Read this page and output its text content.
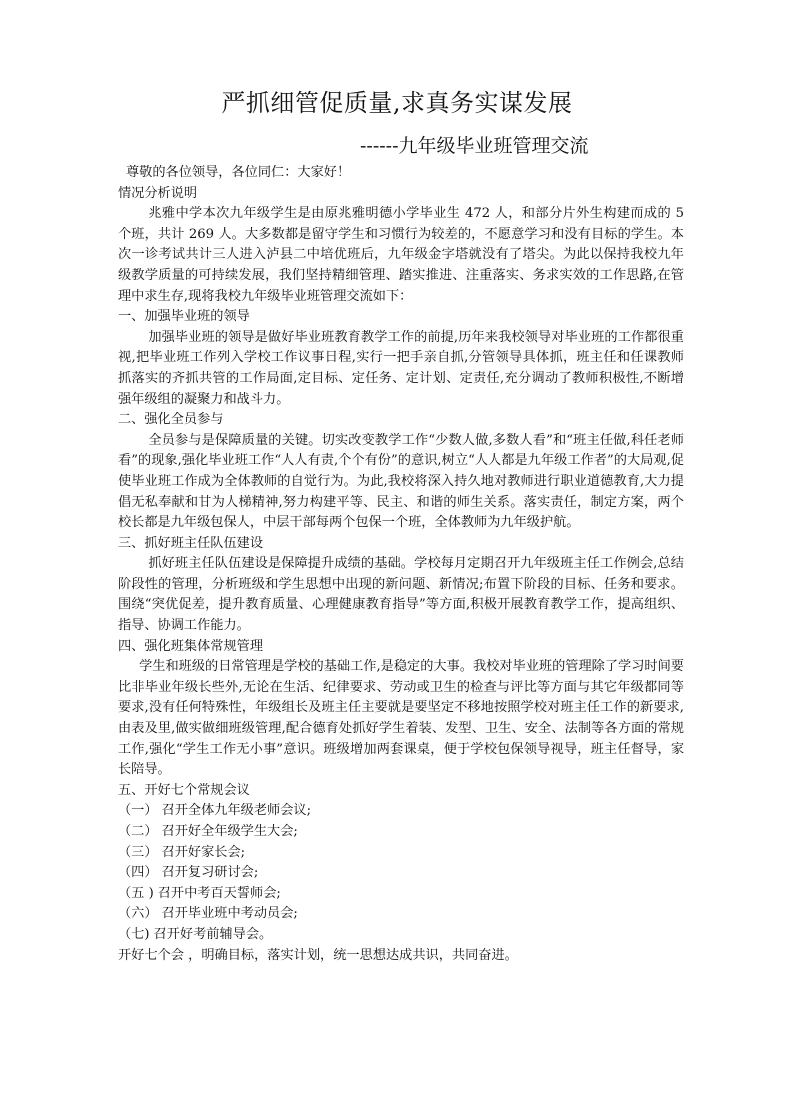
严抓细管促质量,求真务实谋发展
------九年级毕业班管理交流

尊敬的各位领导，各位同仁：大家好！

情况分析说明

兆雅中学本次九年级学生是由原兆雅明德小学毕业生 472 人，和部分片外生构建而成的 5 个班，共计 269 人。大多数都是留守学生和习惯行为较差的，不愿意学习和没有目标的学生。本次一诊考试共计三人进入泸县二中培优班后，九年级金字塔就没有了塔尖。为此以保持我校九年级教学质量的可持续发展，我们坚持精细管理、踏实推进、注重落实、务求实效的工作思路,在管理中求生存,现将我校九年级毕业班管理交流如下：

一、加强毕业班的领导

加强毕业班的领导是做好毕业班教育教学工作的前提,历年来我校领导对毕业班的工作都很重视,把毕业班工作列入学校工作议事日程,实行一把手亲自抓,分管领导具体抓，班主任和任课教师抓落实的齐抓共管的工作局面,定目标、定任务、定计划、定责任,充分调动了教师积极性,不断增强年级组的凝聚力和战斗力。

二、强化全员参与

全员参与是保障质量的关键。切实改变教学工作“少数人做,多数人看”和“班主任做,科任老师看”的现象,强化毕业班工作“人人有责,个个有份”的意识,树立“人人都是九年级工作者”的大局观,促使毕业班工作成为全体教师的自觉行为。为此,我校将深入持久地对教师进行职业道德教育,大力提倡无私奉献和甘为人梯精神,努力构建平等、民主、和谐的师生关系。落实责任，制定方案，两个校长都是九年级包保人，中层干部每两个包保一个班，全体教师为九年级护航。

三、抓好班主任队伍建设

抓好班主任队伍建设是保障提升成绩的基础。学校每月定期召开九年级班主任工作例会,总结阶段性的管理，分析班级和学生思想中出现的新问题、新情况;布置下阶段的目标、任务和要求。围绕“突优促差，提升教育质量、心理健康教育指导”等方面,积极开展教育教学工作，提高组织、指导、协调工作能力。

四、强化班集体常规管理

学生和班级的日常管理是学校的基础工作,是稳定的大事。我校对毕业班的管理除了学习时间要比非毕业年级长些外,无论在生活、纪律要求、劳动或卫生的检查与评比等方面与其它年级都同等要求,没有任何特殊性，年级组长及班主任主要就是要坚定不移地按照学校对班主任工作的新要求,由表及里,做实做细班级管理,配合德育处抓好学生着装、发型、卫生、安全、法制等各方面的常规工作,强化“学生工作无小事”意识。班级增加两套课桌，便于学校包保领导视导，班主任督导，家长陪导。

五、开好七个常规会议

（一） 召开全体九年级老师会议;
（二） 召开好全年级学生大会;
（三） 召开好家长会;
（四） 召开复习研讨会;
（五 ) 召开中考百天誓师会;
（六） 召开毕业班中考动员会;
（七) 召开好考前辅导会。

开好七个会 ，明确目标，落实计划，统一思想达成共识，共同奋进。
